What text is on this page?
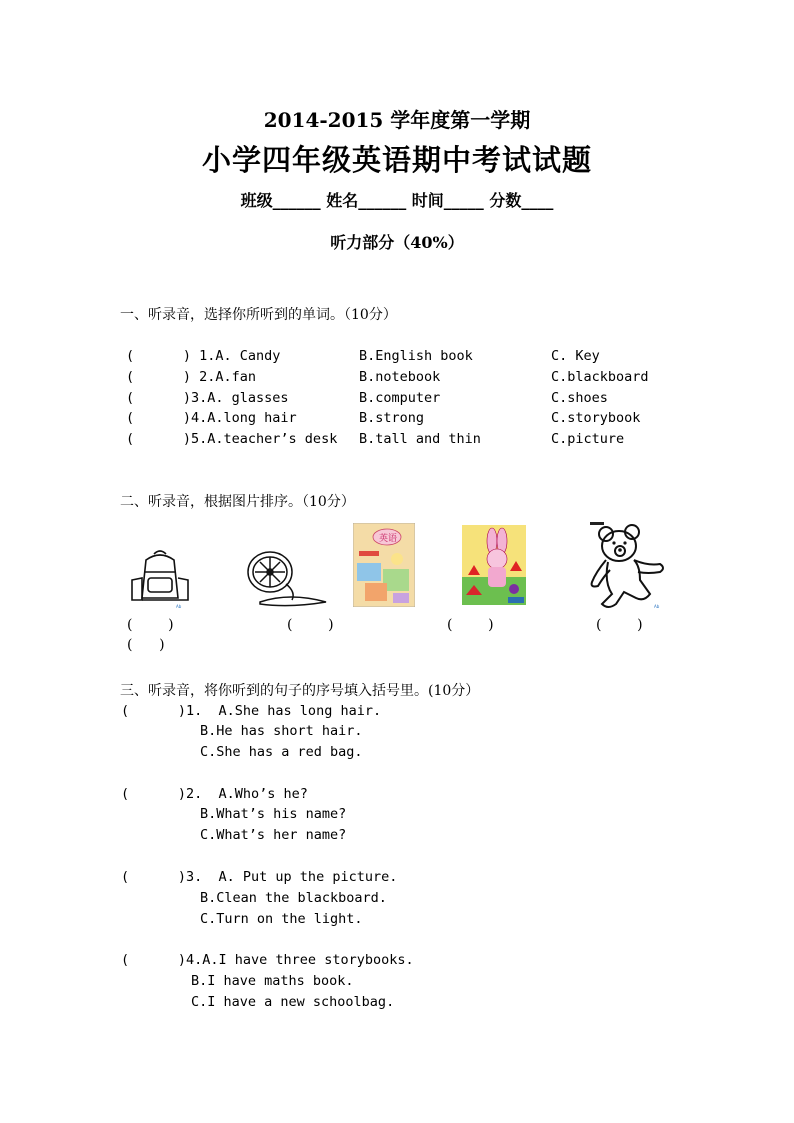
2014-2015 学年度第一学期
小学四年级英语期中考试试题
班级______ 姓名______ 时间_____ 分数____
听力部分（40%）
一、听录音，选择你所听到的单词。（10分）
(      ) 1.A. Candy	B.English book	C. Key
(      ) 2.A.fan	B.notebook	C.blackboard
(      )3.A. glasses	B.computer	C.shoes
(      )4.A.long hair	B.strong	C.storybook
(      )5.A.teacher’s desk B.tall and thin	C.picture
二、听录音，根据图片排序。（10分）
Ab
英语
Ab
(        )	(        )	(        )	(        )
(      )
三、听录音，将你听到的句子的序号填入括号里。(10分）
(      )1.  A.She has long hair.
B.He has short hair.
C.She has a red bag.
(      )2.  A.Who’s he?
B.What’s his name?
C.What’s her name?
(      )3.  A. Put up the picture.
B.Clean the blackboard.
C.Turn on the light.
(      )4.A.I have three storybooks.
B.I have maths book.
C.I have a new schoolbag.
